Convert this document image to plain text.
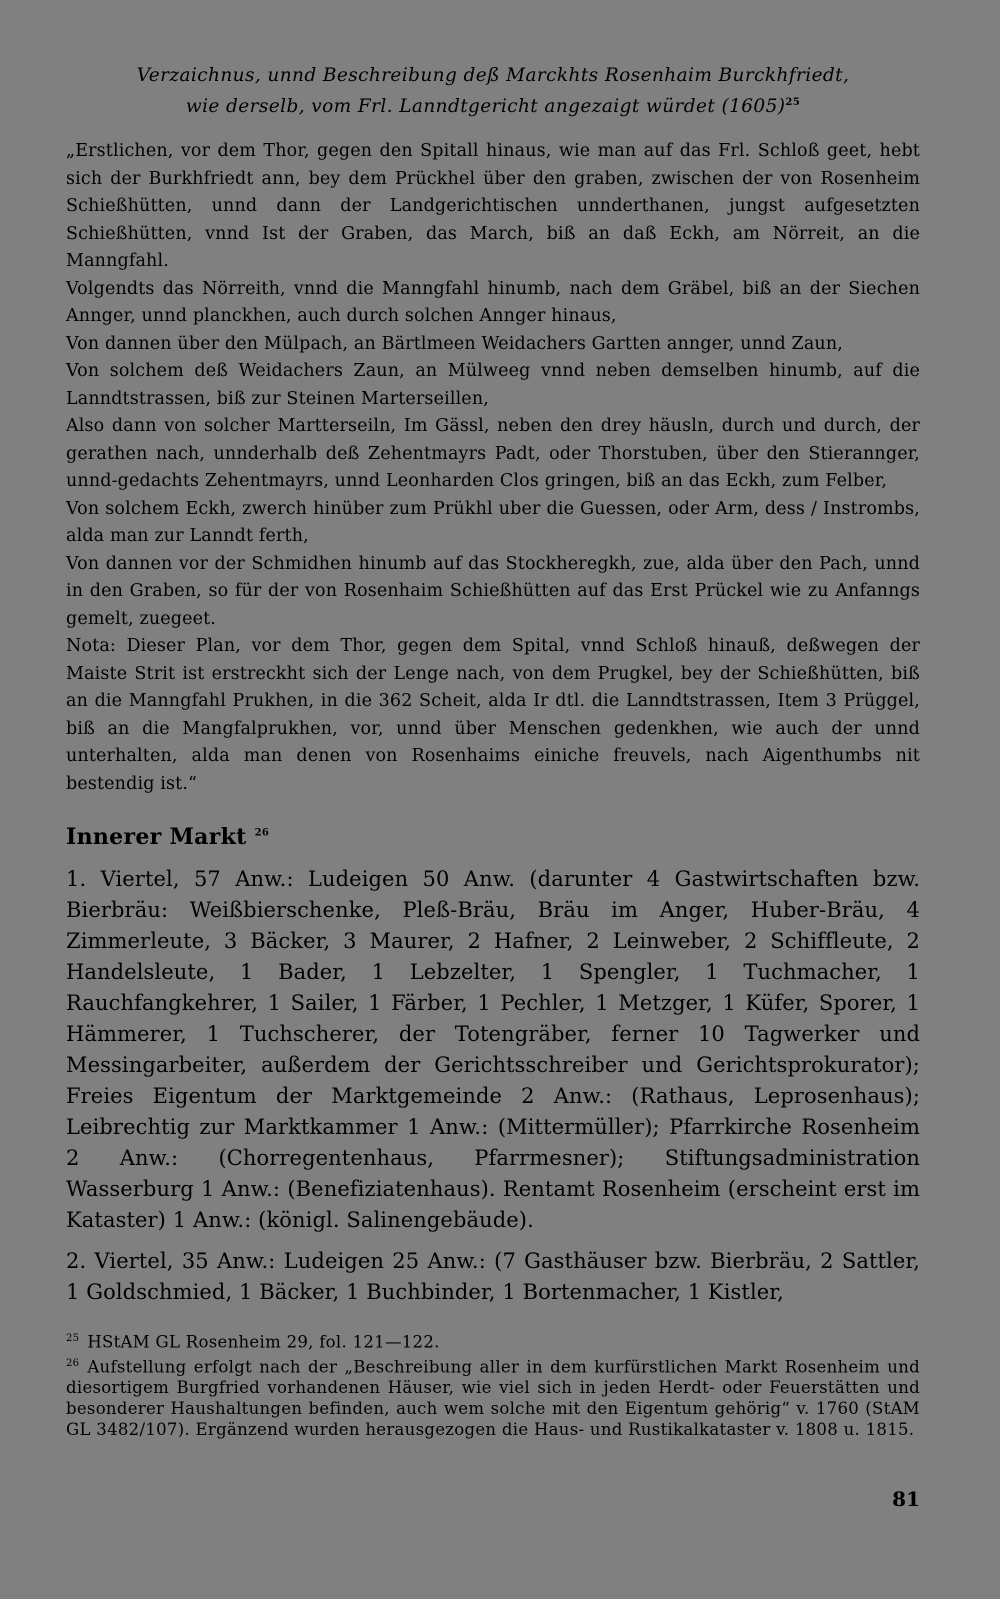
Verzaichnus, unnd Beschreibung deß Marckhts Rosenhaim Burckhfriedt,
wie derselb, vom Frl. Lanndtgericht angezaigt würdet $(1605)^{25}$

„Erstlichen, vor dem Thor, gegen den Spitall hinaus, wie man auf das Frl. Schloß geet, hebt sich der Burkhfriedt ann, bey dem Prückhel über den graben, zwischen der von Rosenheim Schießhütten, unnd dann der Landgerichtischen unnderthanen, jungst aufgesetzten Schießhütten, vnnd Ist der Graben, das March, biß an daß Eckh, am Nörreit, an die Manngfahl.

Volgendts das Nörreith, vnnd die Manngfahl hinumb, nach dem Gräbel, biß an der Siechen Annger, unnd planckhen, auch durch solchen Annger hinaus,

Von dannen über den Mülpach, an Bärtlmeen Weidachers Gartten annger, unnd Zaun,

Von solchem deß Weidachers Zaun, an Mülweeg vnnd neben demselben hinumb, auf die Lanndtstrassen, biß zur Steinen Marterseillen,

Also dann von solcher Martterseiln, Im Gässl, neben den drey häusln, durch und durch, der gerathen nach, unnderhalb deß Zehentmayrs Padt, oder Thorstuben, über den Stierannger, unnd-gedachts Zehentmayrs, unnd Leonharden Clos gringen, biß an das Eckh, zum Felber,

Von solchem Eckh, zwerch hinüber zum Prükhl uber die Guessen, oder Arm, dess / Instrombs, alda man zur Lanndt ferth,

Von dannen vor der Schmidhen hinumb auf das Stockheregkh, zue, alda über den Pach, unnd in den Graben, so für der von Rosenhaim Schießhütten auf das Erst Prückel wie zu Anfanngs gemelt, zuegeet.

Nota: Dieser Plan, vor dem Thor, gegen dem Spital, vnnd Schloß hinauß, deßwegen der Maiste Strit ist erstreckht sich der Lenge nach, von dem Prugkel, bey der Schießhütten, biß an die Manngfahl Prukhen, in die 362 Scheit, alda Ir dtl. die Lanndtstrassen, Item 3 Prüggel, biß an die Mangfalprukhen, vor, unnd über Menschen gedenkhen, wie auch der unnd unterhalten, alda man denen von Rosenhaims einiche freuvels, nach Aigenthumbs nit bestendig ist.“

Innerer Markt $^{26}$

1. Viertel, 57 Anw.: Ludeigen 50 Anw. (darunter 4 Gastwirtschaften bzw. Bierbräu: Weißbierschenke, Pleß-Bräu, Bräu im Anger, Huber-Bräu, 4 Zimmerleute, 3 Bäcker, 3 Maurer, 2 Hafner, 2 Leinweber, 2 Schiffleute, 2 Handelsleute, 1 Bader, 1 Lebzelter, 1 Spengler, 1 Tuchmacher, 1 Rauchfangkehrer, 1 Sailer, 1 Färber, 1 Pechler, 1 Metzger, 1 Küfer, Sporer, 1 Hämmerer, 1 Tuchscherer, der Totengräber, ferner 10 Tagwerker und Messingarbeiter, außerdem der Gerichtsschreiber und Gerichtsprokurator); Freies Eigentum der Marktgemeinde 2 Anw.: (Rathaus, Leprosenhaus); Leibrechtig zur Marktkammer 1 Anw.: (Mittermüller); Pfarrkirche Rosenheim 2 Anw.: (Chorregentenhaus, Pfarrmesner); Stiftungsadministration Wasserburg 1 Anw.: (Benefiziatenhaus). Rentamt Rosenheim (erscheint erst im Kataster) 1 Anw.: (königl. Salinengebäude).

2. Viertel, 35 Anw.: Ludeigen 25 Anw.: (7 Gasthäuser bzw. Bierbräu, 2 Sattler, 1 Goldschmied, 1 Bäcker, 1 Buchbinder, 1 Bortenmacher, 1 Kistler,

$^{25}$ HStAM GL Rosenheim 29, fol. 121—122.

$^{26}$ Aufstellung erfolgt nach der „Beschreibung aller in dem kurfürstlichen Markt Rosenheim und diesortigem Burgfried vorhandenen Häuser, wie viel sich in jeden Herdt- oder Feuerstätten und besonderer Haushaltungen befinden, auch wem solche mit den Eigentum gehörig“ v. 1760 (StAM GL 3482/107). Ergänzend wurden herausgezogen die Haus- und Rustikalkataster v. 1808 u. 1815.

81
